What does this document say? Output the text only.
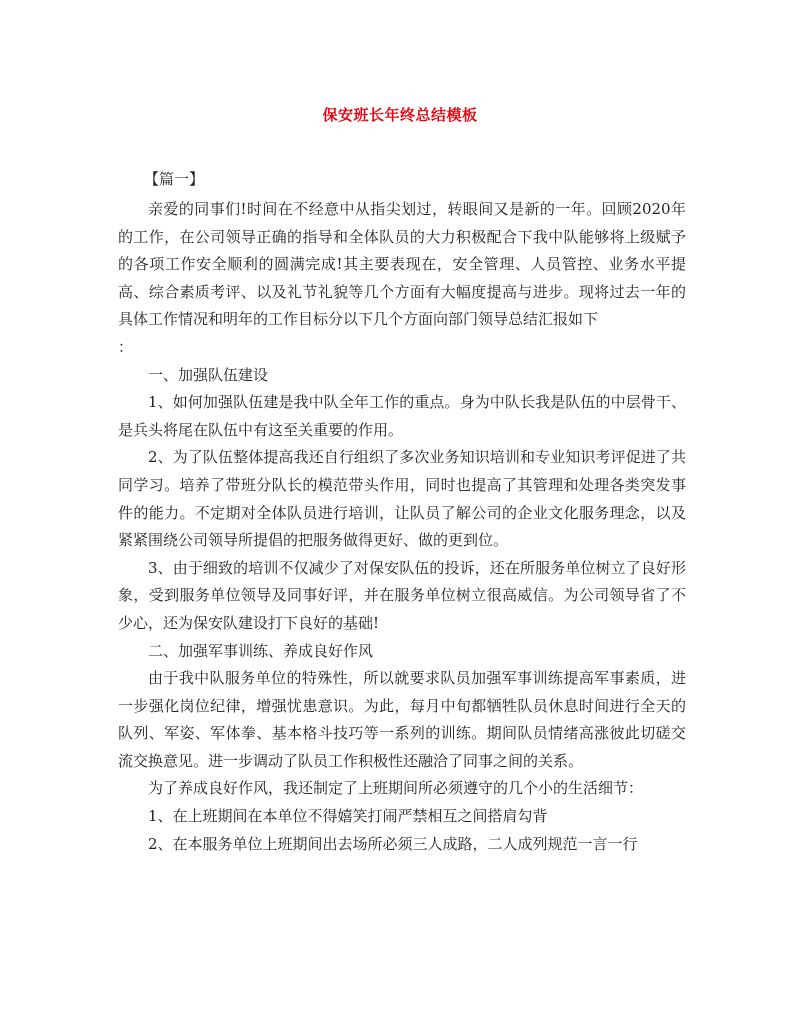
保安班长年终总结模板
【篇一】

亲爱的同事们!时间在不经意中从指尖划过，转眼间又是新的一年。回顾2020年的工作，在公司领导正确的指导和全体队员的大力积极配合下我中队能够将上级赋予的各项工作安全顺利的圆满完成!其主要表现在，安全管理、人员管控、业务水平提高、综合素质考评、以及礼节礼貌等几个方面有大幅度提高与进步。现将过去一年的具体工作情况和明年的工作目标分以下几个方面向部门领导总结汇报如下

：

一、加强队伍建设

1、如何加强队伍建是我中队全年工作的重点。身为中队长我是队伍的中层骨干、是兵头将尾在队伍中有这至关重要的作用。

2、为了队伍整体提高我还自行组织了多次业务知识培训和专业知识考评促进了共同学习。培养了带班分队长的模范带头作用，同时也提高了其管理和处理各类突发事件的能力。不定期对全体队员进行培训，让队员了解公司的企业文化服务理念，以及紧紧围绕公司领导所提倡的把服务做得更好、做的更到位。

3、由于细致的培训不仅减少了对保安队伍的投诉，还在所服务单位树立了良好形象，受到服务单位领导及同事好评，并在服务单位树立很高威信。为公司领导省了不少心，还为保安队建设打下良好的基础!

二、加强军事训练、养成良好作风

由于我中队服务单位的特殊性，所以就要求队员加强军事训练提高军事素质，进一步强化岗位纪律，增强忧患意识。为此，每月中旬都牺牲队员休息时间进行全天的队列、军姿、军体拳、基本格斗技巧等一系列的训练。期间队员情绪高涨彼此切磋交流交换意见。进一步调动了队员工作积极性还融洽了同事之间的关系。

为了养成良好作风，我还制定了上班期间所必须遵守的几个小的生活细节：

1、在上班期间在本单位不得嬉笑打闹严禁相互之间搭肩勾背

2、在本服务单位上班期间出去场所必须三人成路，二人成列规范一言一行
